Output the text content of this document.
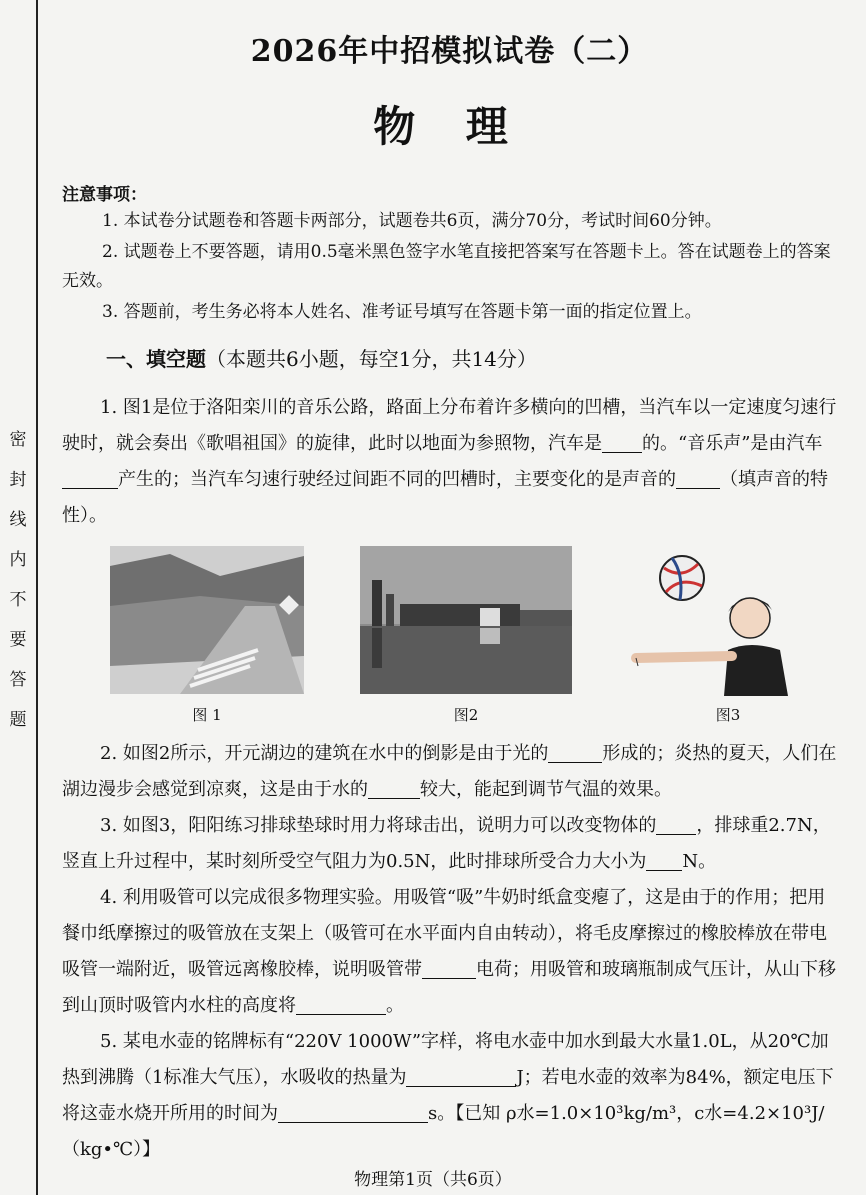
密
封
线
内
不
要
答
题
2026年中招模拟试卷（二）
物 理
注意事项：

1. 本试卷分试题卷和答题卡两部分，试题卷共6页，满分70分，考试时间60分钟。

2. 试题卷上不要答题，请用0.5毫米黑色签字水笔直接把答案写在答题卡上。答在试题卷上的答案无效。

3. 答题前，考生务必将本人姓名、准考证号填写在答题卡第一面的指定位置上。

一、填空题（本题共6小题，每空1分，共14分）

1. 图1是位于洛阳栾川的音乐公路，路面上分布着许多横向的凹槽，当汽车以一定速度匀速行驶时，就会奏出《歌唱祖国》的旋律，此时以地面为参照物，汽车是 的。“音乐声”是由汽车产生的；当汽车匀速行驶经过间距不同的凹槽时，主要变化的是声音的 （填声音的特性）。

图 1	图2	图3

2. 如图2所示，开元湖边的建筑在水中的倒影是由于光的	形成的；炎热的夏天，人们在湖边漫步会感觉到凉爽，这是由于水的	较大，能起到调节气温的效果。

3. 如图3，阳阳练习排球垫球时用力将球击出，说明力可以改变物体的 ，排球重2.7N，竖直上升过程中，某时刻所受空气阻力为0.5N，此时排球所受合力大小为 N。

4. 利用吸管可以完成很多物理实验。用吸管“吸”牛奶时纸盒变瘪了，这是由于的作用；把用餐巾纸摩擦过的吸管放在支架上（吸管可在水平面内自由转动），将毛皮摩擦过的橡胶棒放在带电吸管一端附近，吸管远离橡胶棒，说明吸管带	电荷；用吸管和玻璃瓶制成气压计，从山下移到山顶时吸管内水柱的高度将	。

5. 某电水壶的铭牌标有“220V 1000W”字样，将电水壶中加水到最大水量1.0L，从20℃加热到沸腾（1标准大气压），水吸收的热量为	J；若电水壶的效率为84%，额定电压下将这壶水烧开所用的时间为	s。【已知 ρ水=1.0×10³kg/m³，c水=4.2×10³J/（kg•℃）】

物理第1页（共6页）
